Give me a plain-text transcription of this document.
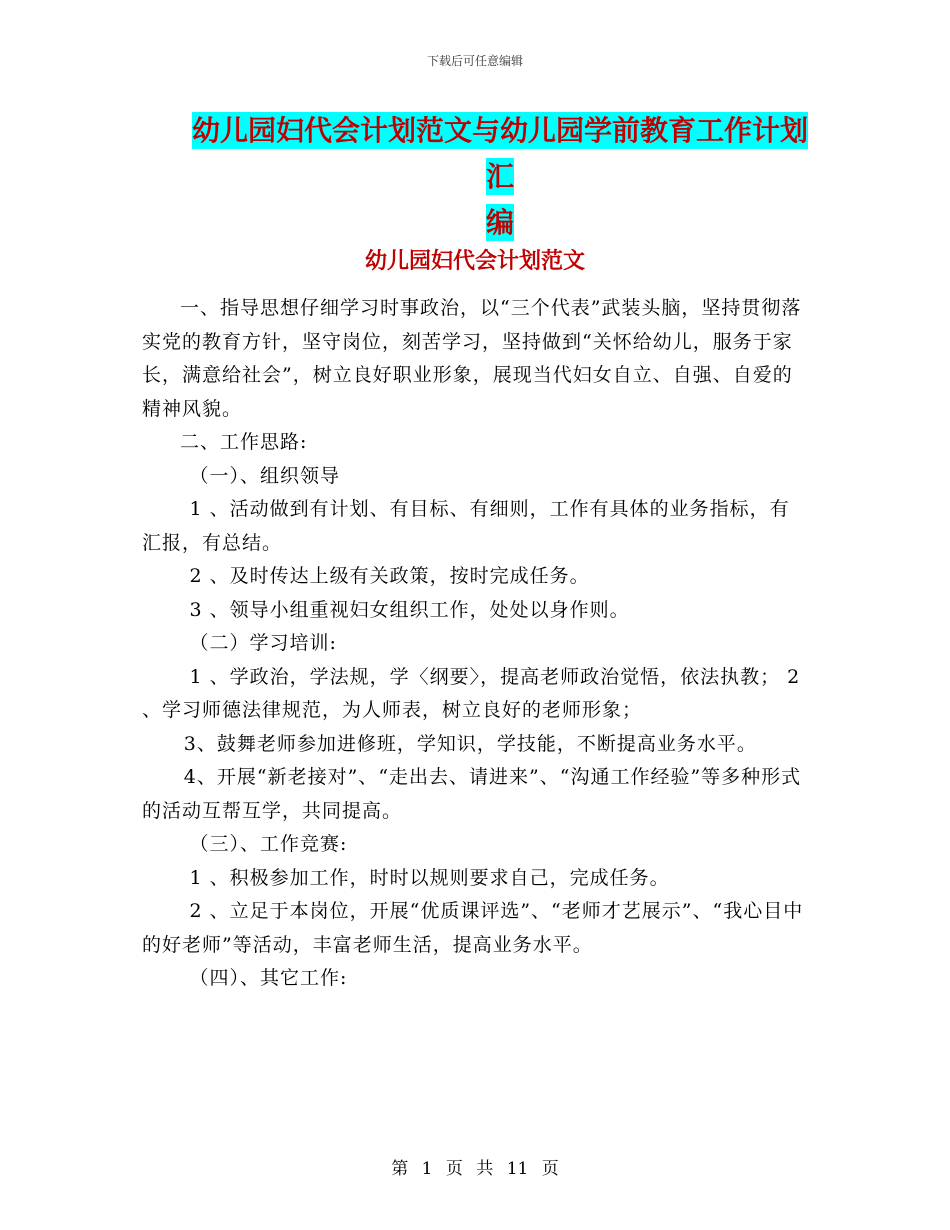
下载后可任意编辑
幼儿园妇代会计划范文与幼儿园学前教育工作计划汇
编
幼儿园妇代会计划范文

一、指导思想仔细学习时事政治，以“三个代表”武装头脑，坚持贯彻落实党的教育方针，坚守岗位，刻苦学习，坚持做到“关怀给幼儿，服务于家长，满意给社会”，树立良好职业形象，展现当代妇女自立、自强、自爱的精神风貌。

二、工作思路:

（一）、组织领导

1 、活动做到有计划、有目标、有细则，工作有具体的业务指标，有汇报，有总结。

2 、及时传达上级有关政策，按时完成任务。

3 、领导小组重视妇女组织工作，处处以身作则。

（二）学习培训:

1 、学政治，学法规，学〈纲要〉，提高老师政治觉悟，依法执教； 2 、学习师德法律规范，为人师表，树立良好的老师形象；

3、鼓舞老师参加进修班，学知识，学技能，不断提高业务水平。

4、开展“新老接对”、“走出去、请进来”、“沟通工作经验”等多种形式的活动互帮互学，共同提高。

（三）、工作竞赛:

1 、积极参加工作，时时以规则要求自己，完成任务。

2 、立足于本岗位，开展“优质课评选”、“老师才艺展示”、“我心目中的好老师”等活动，丰富老师生活，提高业务水平。

（四）、其它工作:

第 1 页 共 11 页
